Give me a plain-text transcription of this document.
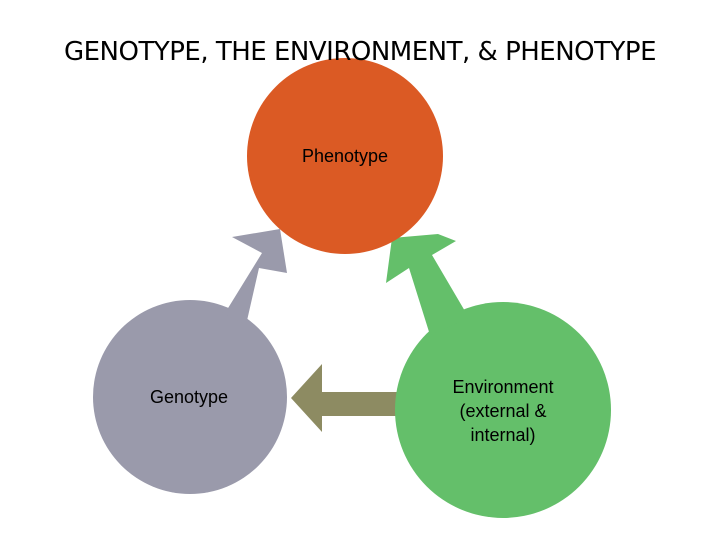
Phenotype
Genotype	Environment
(external &
internal)
GENOTYPE, THE ENVIRONMENT, & PHENOTYPE
